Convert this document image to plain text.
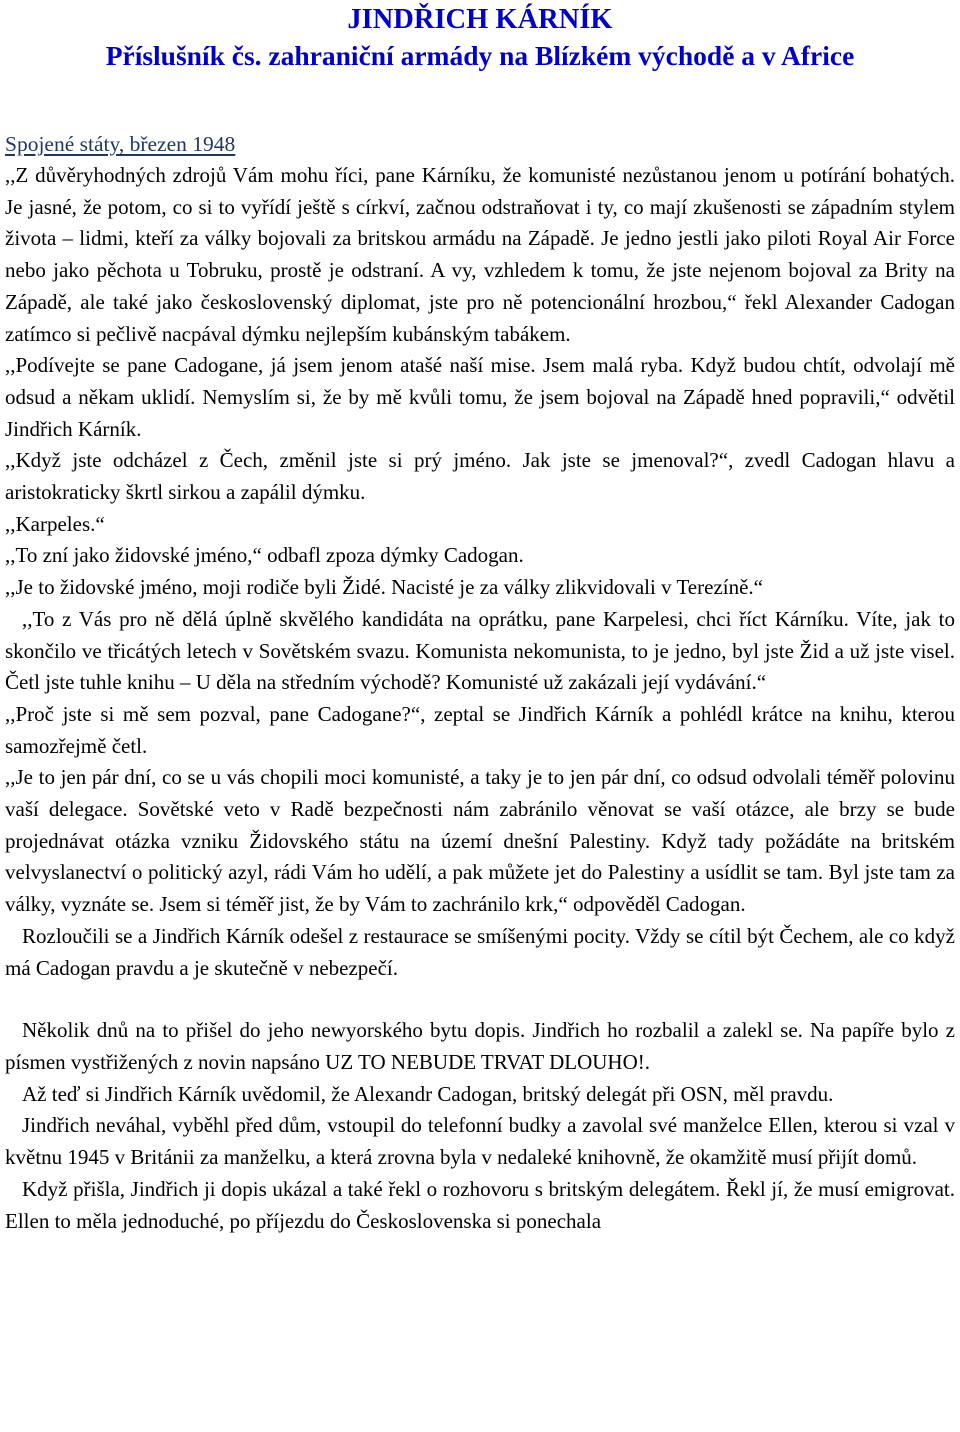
JINDŘICH KÁRNÍK
Příslušník čs. zahraniční armády na Blízkém východě a v Africe
Spojené státy, březen 1948

,,Z důvěryhodných zdrojů Vám mohu říci, pane Kárníku, že komunisté nezůstanou jenom u potírání bohatých. Je jasné, že potom, co si to vyřídí ještě s církví, začnou odstraňovat i ty, co mají zkušenosti se západním stylem života – lidmi, kteří za války bojovali za britskou armádu na Západě. Je jedno jestli jako piloti Royal Air Force nebo jako pěchota u Tobruku, prostě je odstraní. A vy, vzhledem k tomu, že jste nejenom bojoval za Brity na Západě, ale také jako československý diplomat, jste pro ně potencionální hrozbou,“ řekl Alexander Cadogan zatímco si pečlivě nacpával dýmku nejlepším kubánským tabákem.

,,Podívejte se pane Cadogane, já jsem jenom atašé naší mise. Jsem malá ryba. Když budou chtít, odvolají mě odsud a někam uklidí. Nemyslím si, že by mě kvůli tomu, že jsem bojoval na Západě hned popravili,“ odvětil Jindřich Kárník.

,,Když jste odcházel z Čech, změnil jste si prý jméno. Jak jste se jmenoval?“, zvedl Cadogan hlavu a aristokraticky škrtl sirkou a zapálil dýmku.

,,Karpeles.“

,,To zní jako židovské jméno,“ odbafl zpoza dýmky Cadogan.

,,Je to židovské jméno, moji rodiče byli Židé. Nacisté je za války zlikvidovali v Terezíně.“

,,To z Vás pro ně dělá úplně skvělého kandidáta na oprátku, pane Karpelesi, chci říct Kárníku. Víte, jak to skončilo ve třicátých letech v Sovětském svazu. Komunista nekomunista, to je jedno, byl jste Žid a už jste visel. Četl jste tuhle knihu – U děla na středním východě? Komunisté už zakázali její vydávání.“

,,Proč jste si mě sem pozval, pane Cadogane?“, zeptal se Jindřich Kárník a pohlédl krátce na knihu, kterou samozřejmě četl.

,,Je to jen pár dní, co se u vás chopili moci komunisté, a taky je to jen pár dní, co odsud odvolali téměř polovinu vaší delegace. Sovětské veto v Radě bezpečnosti nám zabránilo věnovat se vaší otázce, ale brzy se bude projednávat otázka vzniku Židovského státu na území dnešní Palestiny. Když tady požádáte na britském velvyslanectví o politický azyl, rádi Vám ho udělí, a pak můžete jet do Palestiny a usídlit se tam. Byl jste tam za války, vyznáte se. Jsem si téměř jist, že by Vám to zachránilo krk,“ odpověděl Cadogan.

Rozloučili se a Jindřich Kárník odešel z restaurace se smíšenými pocity. Vždy se cítil být Čechem, ale co když má Cadogan pravdu a je skutečně v nebezpečí.

Několik dnů na to přišel do jeho newyorského bytu dopis. Jindřich ho rozbalil a zalekl se. Na papíře bylo z písmen vystřižených z novin napsáno UZ TO NEBUDE TRVAT DLOUHO!.

Až teď si Jindřich Kárník uvědomil, že Alexandr Cadogan, britský delegát při OSN, měl pravdu.

Jindřich neváhal, vyběhl před dům, vstoupil do telefonní budky a zavolal své manželce Ellen, kterou si vzal v květnu 1945 v Británii za manželku, a která zrovna byla v nedaleké knihovně, že okamžitě musí přijít domů.

Když přišla, Jindřich ji dopis ukázal a také řekl o rozhovoru s britským delegátem. Řekl jí, že musí emigrovat. Ellen to měla jednoduché, po příjezdu do Československa si ponechala
